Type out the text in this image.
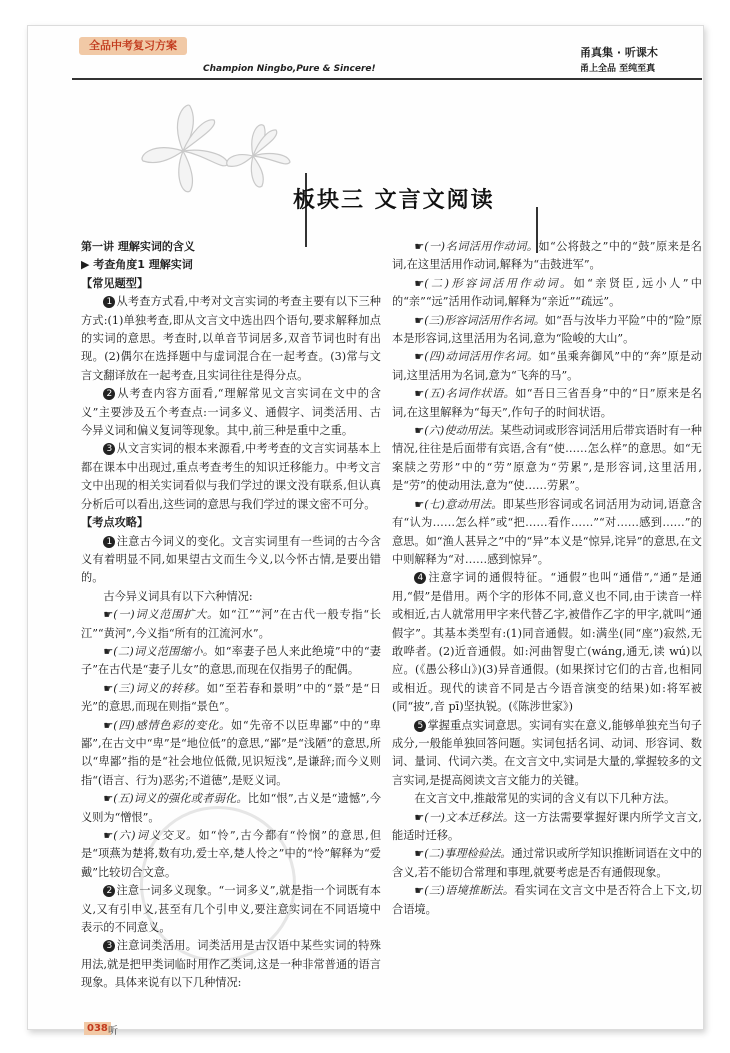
全品中考复习方案
Champion Ningbo,Pure & Sincere!
甬真集 · 听课木
甬上全品 至纯至真
板块三 文言文阅读

第一讲 理解实词的含义

▶ 考查角度1 理解实词

【常见题型】

1 从考查方式看,中考对文言实词的考查主要有以下三种方式:(1)单独考查,即从文言文中选出四个语句,要求解释加点的实词的意思。考查时,以单音节词居多,双音节词也时有出现。(2)偶尔在选择题中与虚词混合在一起考查。(3)常与文言文翻译放在一起考查,且实词往往是得分点。

2 从考查内容方面看,“理解常见文言实词在文中的含义”主要涉及五个考查点:一词多义、通假字、词类活用、古今异义词和偏义复词等现象。其中,前三种是重中之重。

3 从文言实词的根本来源看,中考考查的文言实词基本上都在课本中出现过,重点考查考生的知识迁移能力。中考文言文中出现的相关实词看似与我们学过的课文没有联系,但认真分析后可以看出,这些词的意思与我们学过的课文密不可分。

【考点攻略】

1 注意古今词义的变化。文言实词里有一些词的古今含义有着明显不同,如果望古文而生今义,以今怀古情,是要出错的。

古今异义词具有以下六种情况:

☛(一)词义范围扩大。如“江”“河”在古代一般专指“长江”“黄河”,今义指“所有的江流河水”。

☛(二)词义范围缩小。如“率妻子邑人来此绝境”中的“妻子”在古代是“妻子儿女”的意思,而现在仅指男子的配偶。

☛(三)词义的转移。如“至若春和景明”中的“景”是“日光”的意思,而现在则指“景色”。

☛(四)感情色彩的变化。如“先帝不以臣卑鄙”中的“卑鄙”,在古文中“卑”是“地位低”的意思,“鄙”是“浅陋”的意思,所以“卑鄙”指的是“社会地位低微,见识短浅”,是谦辞;而今义则指“(语言、行为)恶劣;不道德”,是贬义词。

☛(五)词义的强化或者弱化。比如“恨”,古义是“遗憾”,今义则为“憎恨”。

☛(六)词义交叉。如“怜”,古今都有“怜悯”的意思,但是“项燕为楚将,数有功,爱士卒,楚人怜之”中的“怜”解释为“爱戴”比较切合文意。

2 注意一词多义现象。“一词多义”,就是指一个词既有本义,又有引申义,甚至有几个引申义,要注意实词在不同语境中表示的不同意义。

3 注意词类活用。词类活用是古汉语中某些实词的特殊用法,就是把甲类词临时用作乙类词,这是一种非常普通的语言现象。具体来说有以下几种情况:

☛(一)名词活用作动词。如“公将鼓之”中的“鼓”原来是名词,在这里活用作动词,解释为“击鼓进军”。

☛(二)形容词活用作动词。如“亲贤臣,远小人”中的“亲”“远”活用作动词,解释为“亲近”“疏远”。

☛(三)形容词活用作名词。如“吾与汝毕力平险”中的“险”原本是形容词,这里活用为名词,意为“险峻的大山”。

☛(四)动词活用作名词。如“虽乘奔御风”中的“奔”原是动词,这里活用为名词,意为“飞奔的马”。

☛(五)名词作状语。如“吾日三省吾身”中的“日”原来是名词,在这里解释为“每天”,作句子的时间状语。

☛(六)使动用法。某些动词或形容词活用后带宾语时有一种情况,往往是后面带有宾语,含有“使……怎么样”的意思。如“无案牍之劳形”中的“劳”原意为“劳累”,是形容词,这里活用,是“劳”的使动用法,意为“使……劳累”。

☛(七)意动用法。即某些形容词或名词活用为动词,语意含有“认为……怎么样”或“把……看作……”“对……感到……”的意思。如“渔人甚异之”中的“异”本义是“惊异,诧异”的意思,在文中则解释为“对……感到惊异”。

4 注意字词的通假特征。“通假”也叫“通借”,“通”是通用,“假”是借用。两个字的形体不同,意义也不同,由于读音一样或相近,古人就常用甲字来代替乙字,被借作乙字的甲字,就叫“通假字”。其基本类型有:(1)同音通假。如:满坐(同“座”)寂然,无敢哗者。(2)近音通假。如:河曲智叟亡(wáng,通无,读 wú)以应。(《愚公移山》)(3)异音通假。(如果探讨它们的古音,也相同或相近。现代的读音不同是古今语音演变的结果)如:将军被(同“披”,音 pī)坚执锐。(《陈涉世家》)

5 掌握重点实词意思。实词有实在意义,能够单独充当句子成分,一般能单独回答问题。实词包括名词、动词、形容词、数词、量词、代词六类。在文言文中,实词是大量的,掌握较多的文言实词,是提高阅读文言文能力的关键。

在文言文中,推敲常见的实词的含义有以下几种方法。

☛(一)文本迁移法。这一方法需要掌握好课内所学文言文,能适时迁移。

☛(二)事理检验法。通过常识或所学知识推断词语在文中的含义,若不能切合常理和事理,就要考虑是否有通假现象。

☛(三)语境推断法。看实词在文言文中是否符合上下文,切合语境。

038 听
